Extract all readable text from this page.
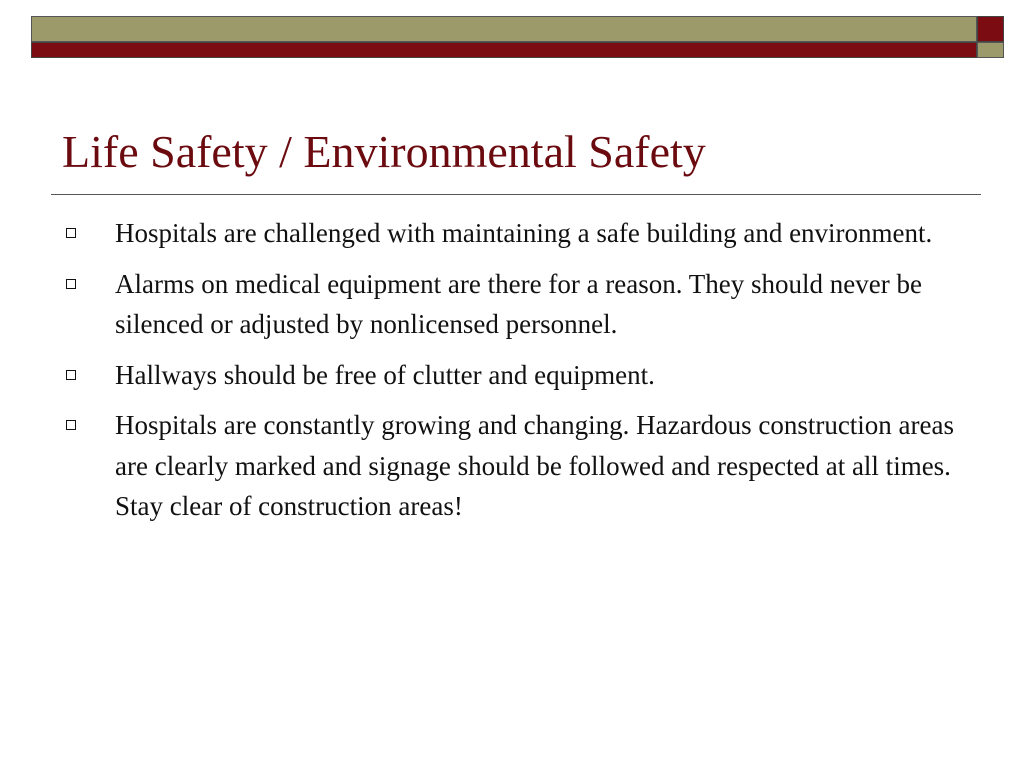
Life Safety / Environmental Safety
Hospitals are challenged with maintaining a safe building and environment.
Alarms on medical equipment are there for a reason. They should never be silenced or adjusted by nonlicensed personnel.
Hallways should be free of clutter and equipment.
Hospitals are constantly growing and changing. Hazardous construction areas are clearly marked and signage should be followed and respected at all times. Stay clear of construction areas!
